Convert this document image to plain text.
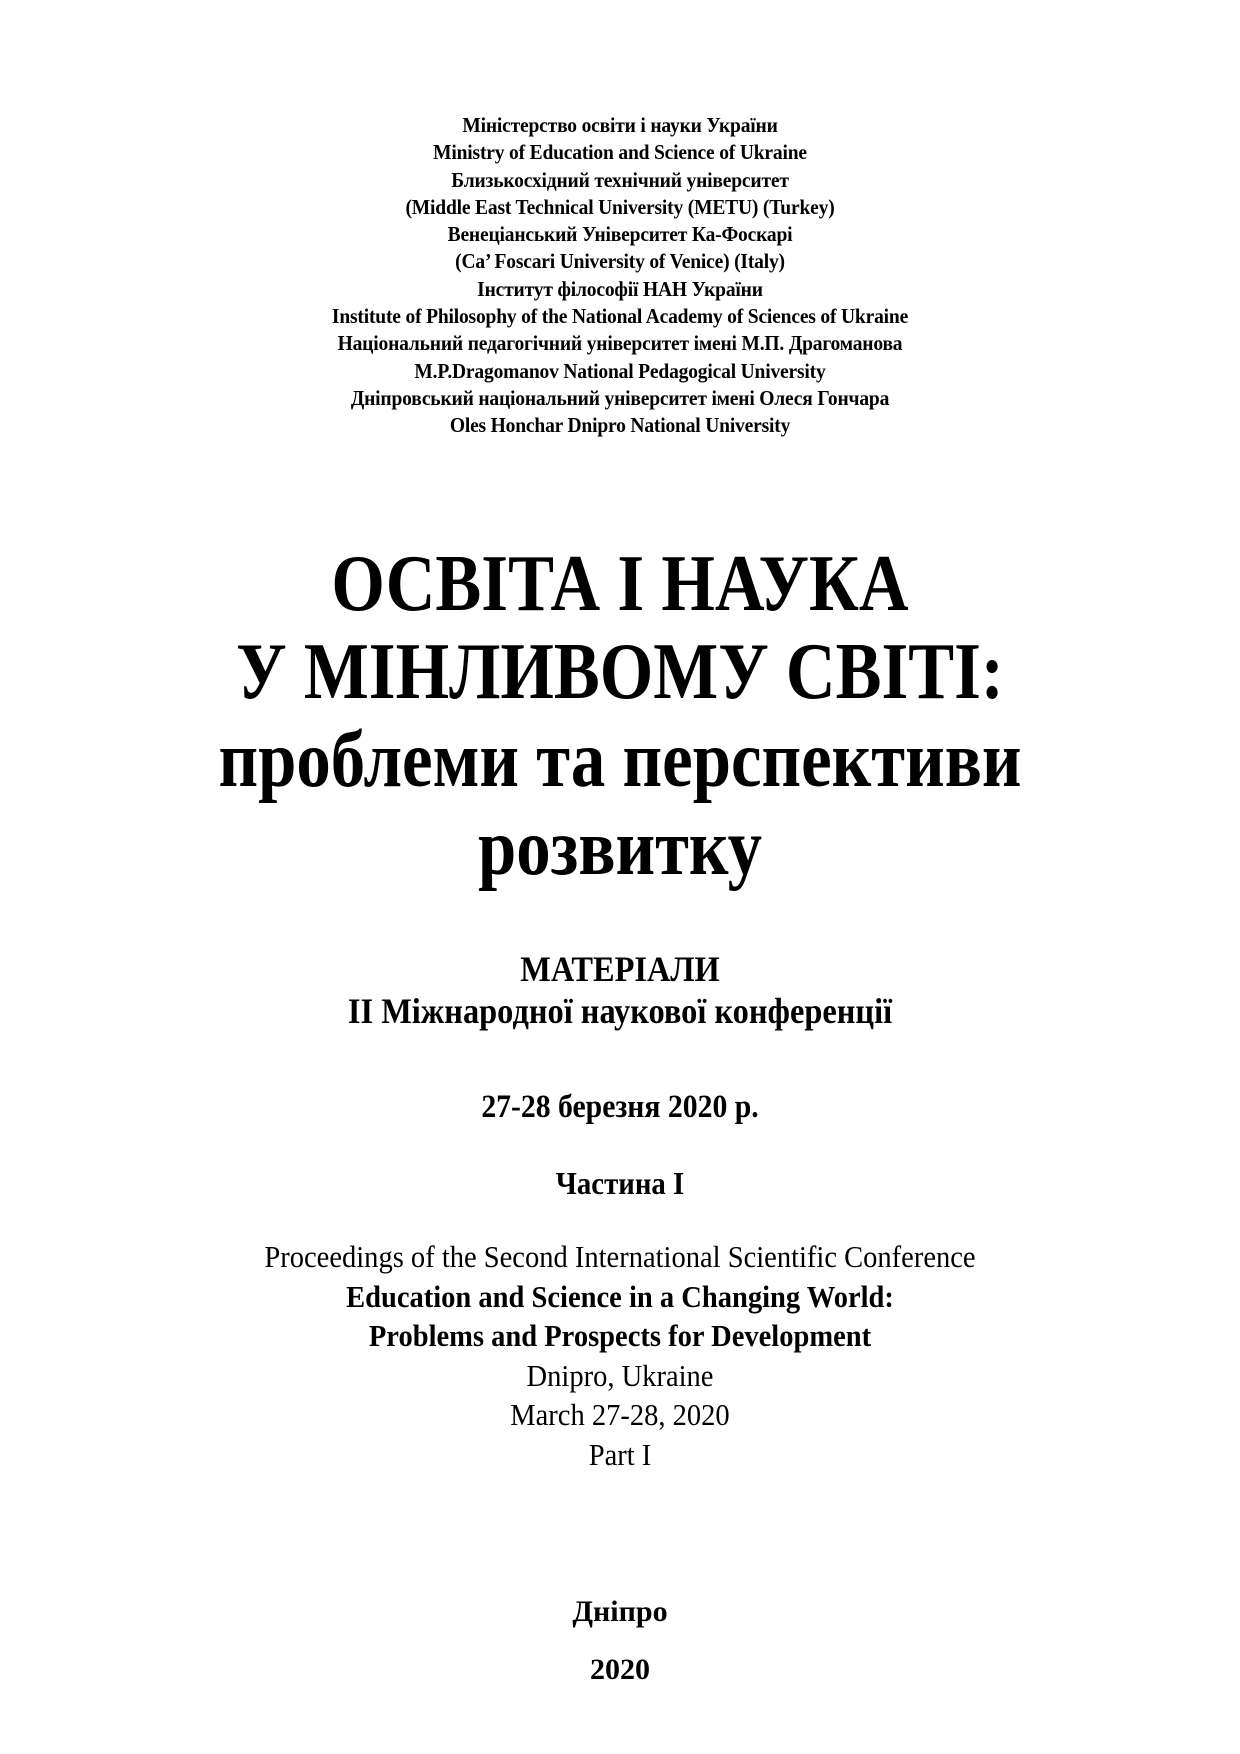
Міністерство освіти і науки України
Ministry of Education and Science of Ukraine
Близькосхідний технічний університет
(Middle East Technical University (METU) (Turkey)
Венеціанський Університет Ка-Фоскарі
(Ca’ Foscari University of Venice) (Italy)
Інститут філософії НАН України
Institute of Philosophy of the National Academy of Sciences of Ukraine
Національний педагогічний університет імені М.П. Драгоманова
M.P.Dragomanov National Pedagogical University
Дніпровський національний університет імені Олеся Гончара
Oles Honchar Dnipro National University
ОСВІТА І НАУКА
У МІНЛИВОМУ СВІТІ:
проблеми та перспективи
розвитку
МАТЕРІАЛИ
ІІ Міжнародної наукової конференції
27-28 березня 2020 р.
Частина І
Proceedings of the Second International Scientific Conference
Education and Science in a Changing World:
Problems and Prospects for Development
Dnipro, Ukraine
March 27-28, 2020
Part I
Дніпро
2020
